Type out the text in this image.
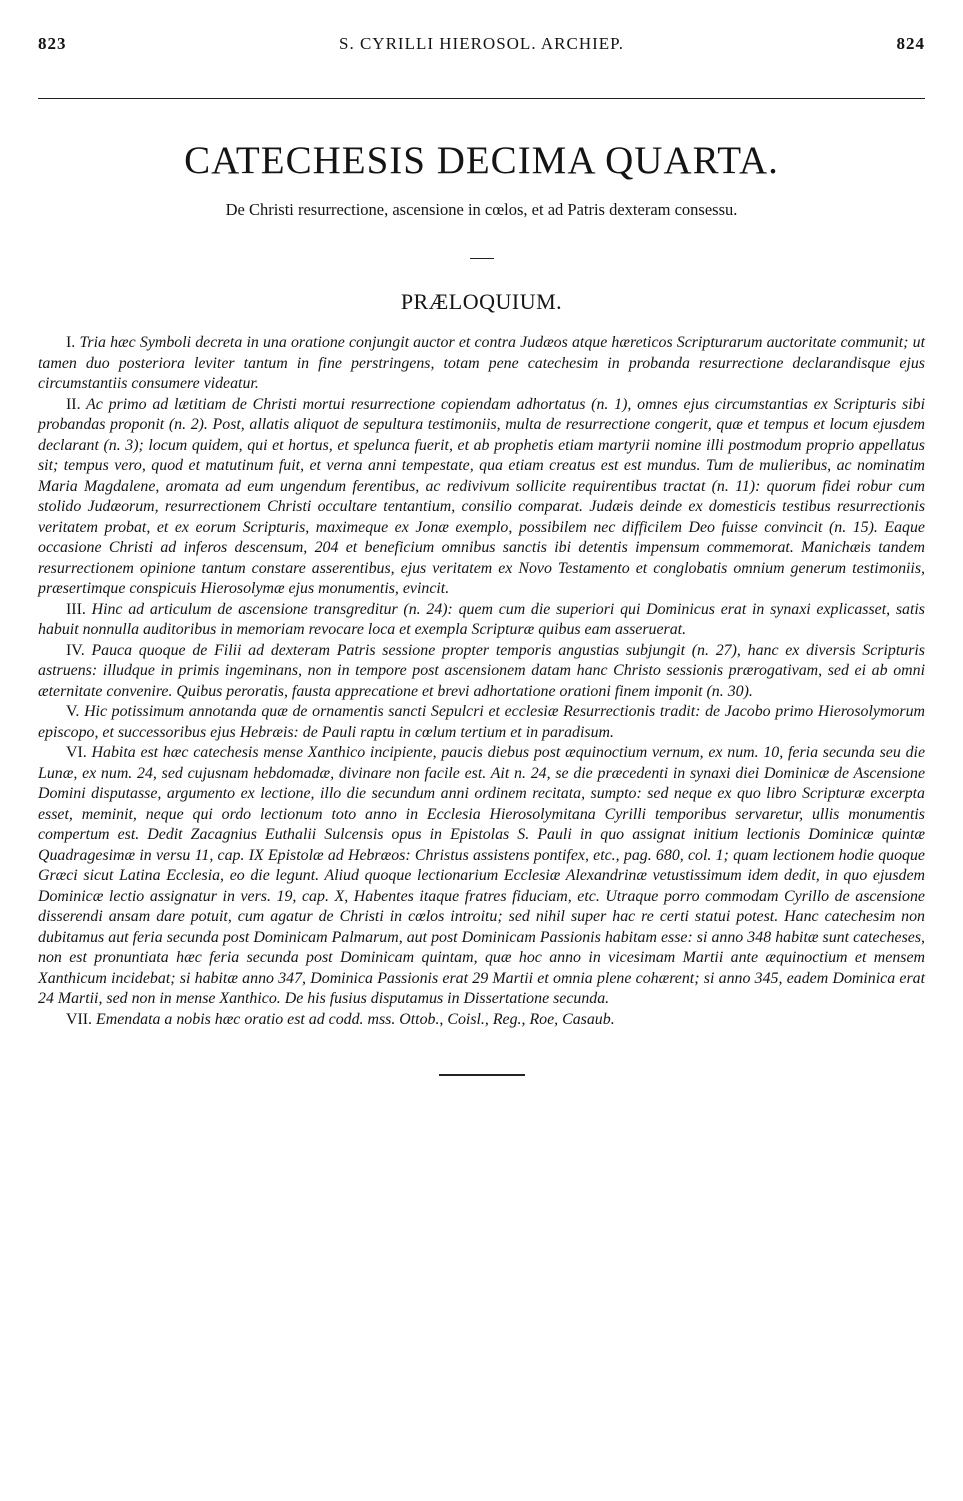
823	S. CYRILLI HIEROSOL. ARCHIEP.	824
CATECHESIS DECIMA QUARTA.
De Christi resurrectione, ascensione in cœlos, et ad Patris dexteram consessu.
PRÆLOQUIUM.

I. Tria hæc Symboli decreta in una oratione conjungit auctor et contra Judæos atque hæreticos Scripturarum auctoritate communit; ut tamen duo posteriora leviter tantum in fine perstringens, totam pene catechesim in probanda resurrectione declarandisque ejus circumstantiis consumere videatur.

II. Ac primo ad lætitiam de Christi mortui resurrectione copiendam adhortatus (n. 1), omnes ejus circumstantias ex Scripturis sibi probandas proponit (n. 2). Post, allatis aliquot de sepultura testimoniis, multa de resurrectione congerit, quæ et tempus et locum ejusdem declarant (n. 3); locum quidem, qui et hortus, et spelunca fuerit, et ab prophetis etiam martyrii nomine illi postmodum proprio appellatus sit; tempus vero, quod et matutinum fuit, et verna anni tempestate, qua etiam creatus est est mundus. Tum de mulieribus, ac nominatim Maria Magdalene, aromata ad eum ungendum ferentibus, ac redivivum sollicite requirentibus tractat (n. 11): quorum fidei robur cum stolido Judæorum, resurrectionem Christi occultare tentantium, consilio comparat. Judæis deinde ex domesticis testibus resurrectionis veritatem probat, et ex eorum Scripturis, maximeque ex Jonæ exemplo, possibilem nec difficilem Deo fuisse convincit (n. 15). Eaque occasione Christi ad inferos descensum, 204 et beneficium omnibus sanctis ibi detentis impensum commemorat. Manichæis tandem resurrectionem opinione tantum constare asserentibus, ejus veritatem ex Novo Testamento et conglobatis omnium generum testimoniis, præsertimque conspicuis Hierosolymæ ejus monumentis, evincit.

III. Hinc ad articulum de ascensione transgreditur (n. 24): quem cum die superiori qui Dominicus erat in synaxi explicasset, satis habuit nonnulla auditoribus in memoriam revocare loca et exempla Scripturæ quibus eam asseruerat.

IV. Pauca quoque de Filii ad dexteram Patris sessione propter temporis angustias subjungit (n. 27), hanc ex diversis Scripturis astruens: illudque in primis ingeminans, non in tempore post ascensionem datam hanc Christo sessionis prærogativam, sed ei ab omni æternitate convenire. Quibus peroratis, fausta apprecatione et brevi adhortatione orationi finem imponit (n. 30).

V. Hic potissimum annotanda quæ de ornamentis sancti Sepulcri et ecclesiæ Resurrectionis tradit: de Jacobo primo Hierosolymorum episcopo, et successoribus ejus Hebræis: de Pauli raptu in cœlum tertium et in paradisum.

VI. Habita est hæc catechesis mense Xanthico incipiente, paucis diebus post æquinoctium vernum, ex num. 10, feria secunda seu die Lunæ, ex num. 24, sed cujusnam hebdomadæ, divinare non facile est. Ait n. 24, se die præcedenti in synaxi diei Dominicæ de Ascensione Domini disputasse, argumento ex lectione, illo die secundum anni ordinem recitata, sumpto: sed neque ex quo libro Scripturæ excerpta esset, meminit, neque qui ordo lectionum toto anno in Ecclesia Hierosolymitana Cyrilli temporibus servaretur, ullis monumentis compertum est. Dedit Zacagnius Euthalii Sulcensis opus in Epistolas S. Pauli in quo assignat initium lectionis Dominicæ quintæ Quadragesimæ in versu 11, cap. IX Epistolæ ad Hebræos: Christus assistens pontifex, etc., pag. 680, col. 1; quam lectionem hodie quoque Græci sicut Latina Ecclesia, eo die legunt. Aliud quoque lectionarium Ecclesiæ Alexandrinæ vetustissimum idem dedit, in quo ejusdem Dominicæ lectio assignatur in vers. 19, cap. X, Habentes itaque fratres fiduciam, etc. Utraque porro commodam Cyrillo de ascensione disserendi ansam dare potuit, cum agatur de Christi in cœlos introitu; sed nihil super hac re certi statui potest. Hanc catechesim non dubitamus aut feria secunda post Dominicam Palmarum, aut post Dominicam Passionis habitam esse: si anno 348 habitæ sunt catecheses, non est pronuntiata hæc feria secunda post Dominicam quintam, quæ hoc anno in vicesimam Martii ante æquinoctium et mensem Xanthicum incidebat; si habitæ anno 347, Dominica Passionis erat 29 Martii et omnia plene cohærent; si anno 345, eadem Dominica erat 24 Martii, sed non in mense Xanthico. De his fusius disputamus in Dissertatione secunda.

VII. Emendata a nobis hæc oratio est ad codd. mss. Ottob., Coisl., Reg., Roe, Casaub.
